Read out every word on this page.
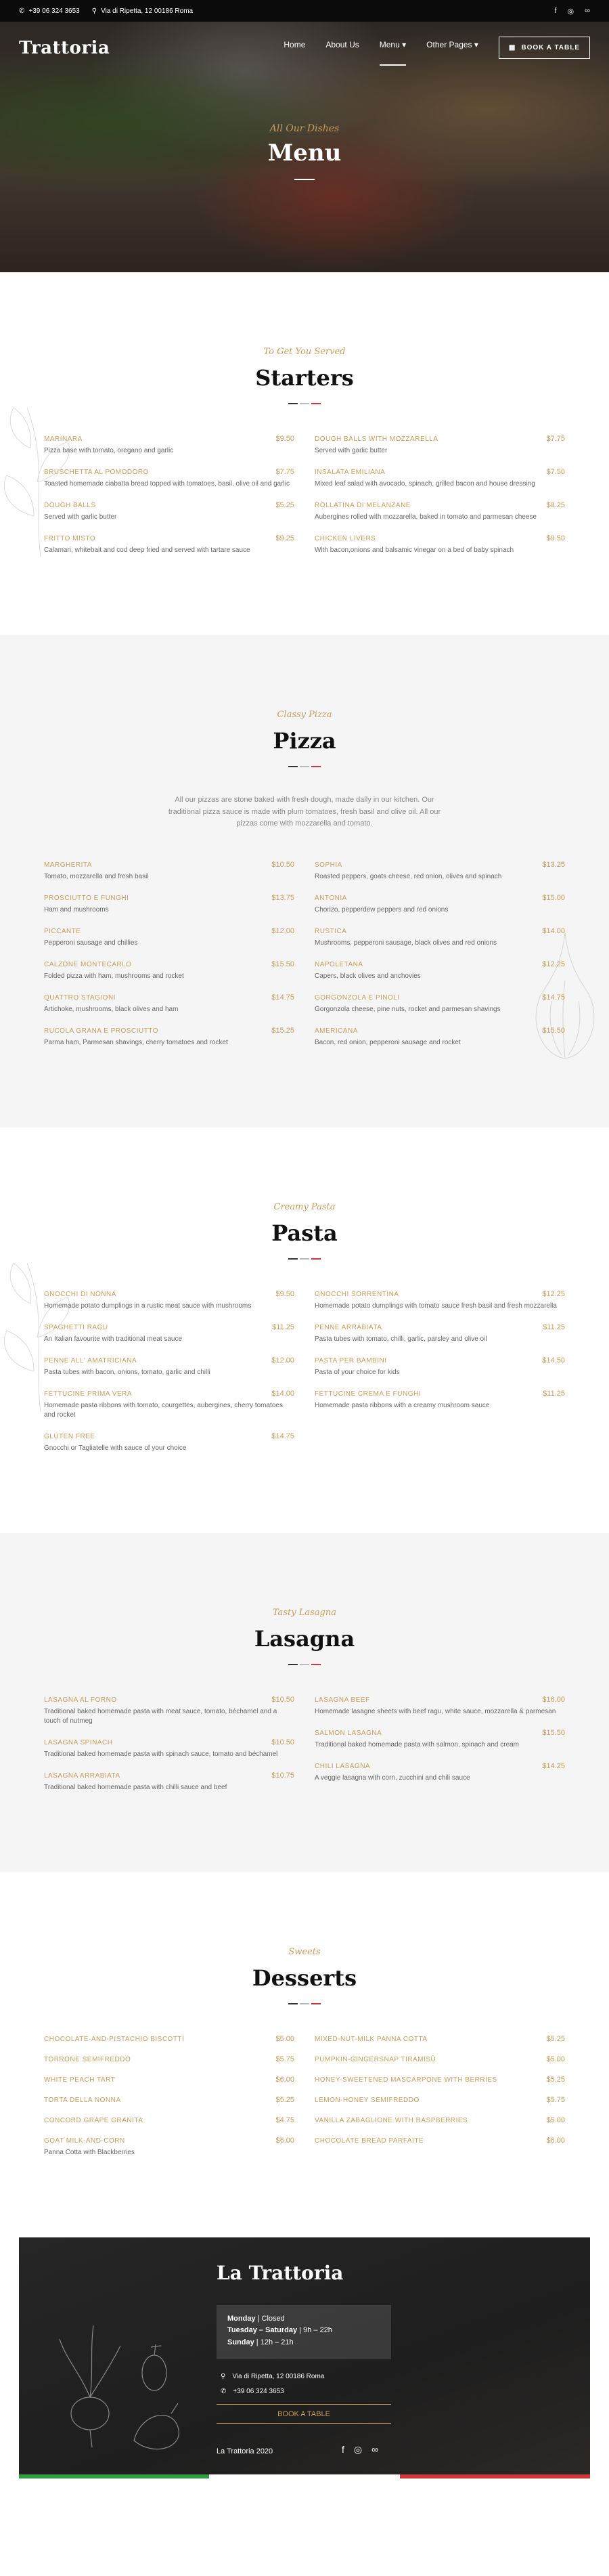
✆ +39 06 324 3653 ⚲ Via di Ripetta, 12 00186 Roma	f ◎ ∞
Trattoria	Home	About Us	Menu ▾	Other Pages ▾	▦ BOOK A TABLE
All Our Dishes
Menu
To Get You Served
Starters
MARINARA	$9.50
Pizza base with tomato, oregano and garlic
BRUSCHETTA AL POMODORO	$7.75
Toasted homemade ciabatta bread topped with tomatoes, basil, olive oil and garlic
DOUGH BALLS	$5.25
Served with garlic butter
FRITTO MISTO	$9.25
Calamari, whitebait and cod deep fried and served with tartare sauce
DOUGH BALLS WITH MOZZARELLA	$7.75
Served with garlic butter
INSALATA EMILIANA	$7.50
Mixed leaf salad with avocado, spinach, grilled bacon and house dressing
ROLLATINA DI MELANZANE	$8.25
Aubergines rolled with mozzarella, baked in tomato and parmesan cheese
CHICKEN LIVERS	$9.50
With bacon,onions and balsamic vinegar on a bed of baby spinach
Classy Pizza
Pizza
All our pizzas are stone baked with fresh dough, made daily in our kitchen. Our traditional pizza sauce is made with plum tomatoes, fresh basil and olive oil. All our pizzas come with mozzarella and tomato.
MARGHERITA	$10.50
Tomato, mozzarella and fresh basil
PROSCIUTTO E FUNGHI	$13.75
Ham and mushrooms
PICCANTE	$12.00
Pepperoni sausage and chillies
CALZONE MONTECARLO	$15.50
Folded pizza with ham, mushrooms and rocket
QUATTRO STAGIONI	$14.75
Artichoke, mushrooms, black olives and ham
RUCOLA GRANA E PROSCIUTTO	$15.25
Parma ham, Parmesan shavings, cherry tomatoes and rocket
SOPHIA	$13.25
Roasted peppers, goats cheese, red onion, olives and spinach
ANTONIA	$15.00
Chorizo, pepperdew peppers and red onions
RUSTICA	$14.00
Mushrooms, pepperoni sausage, black olives and red onions
NAPOLETANA	$12.25
Capers, black olives and anchovies
GORGONZOLA E PINOLI	$14.75
Gorgonzola cheese, pine nuts, rocket and parmesan shavings
AMERICANA	$15.50
Bacon, red onion, pepperoni sausage and rocket
Creamy Pasta
Pasta
GNOCCHI DI NONNA	$9.50
Homemade potato dumplings in a rustic meat sauce with mushrooms
SPAGHETTI RAGU	$11.25
An Italian favourite with traditional meat sauce
PENNE ALL' AMATRICIANA	$12.00
Pasta tubes with bacon, onions, tomato, garlic and chilli
FETTUCINE PRIMA VERA	$14.00
Homemade pasta ribbons with tomato, courgettes, aubergines, cherry tomatoes and rocket
GLUTEN FREE	$14.75
Gnocchi or Tagliatelle with sauce of your choice
GNOCCHI SORRENTINA	$12.25
Homemade potato dumplings with tomato sauce fresh basil and fresh mozzarella
PENNE ARRABIATA	$11.25
Pasta tubes with tomato, chilli, garlic, parsley and olive oil
PASTA PER BAMBINI	$14.50
Pasta of your choice for kids
FETTUCINE CREMA E FUNGHI	$11.25
Homemade pasta ribbons with a creamy mushroom sauce
Tasty Lasagna
Lasagna
LASAGNA AL FORNO	$10.50
Traditional baked homemade pasta with meat sauce, tomato, béchamel and a touch of nutmeg
LASAGNA SPINACH	$10.50
Traditional baked homemade pasta with spinach sauce, tomato and béchamel
LASAGNA ARRABIATA	$10.75
Traditional baked homemade pasta with chilli sauce and beef
LASAGNA BEEF	$16.00
Homemade lasagne sheets with beef ragu, white sauce, mozzarella & parmesan
SALMON LASAGNA	$15.50
Traditional baked homemade pasta with salmon, spinach and cream
CHILI LASAGNA	$14.25
A veggie lasagna with corn, zucchini and chili sauce
Sweets
Desserts
CHOCOLATE-AND-PISTACHIO BISCOTTI	$5.00
TORRONE SEMIFREDDO	$5.75
WHITE PEACH TART	$6.00
TORTA DELLA NONNA	$5.25
CONCORD GRAPE GRANITA	$4.75
GOAT MILK-AND-CORN	$6.00
Panna Cotta with Blackberries
MIXED-NUT-MILK PANNA COTTA	$5.25
PUMPKIN-GINGERSNAP TIRAMISÙ	$5.00
HONEY-SWEETENED MASCARPONE WITH BERRIES	$5.25
LEMON-HONEY SEMIFREDDO	$5.75
VANILLA ZABAGLIONE WITH RASPBERRIES	$5.00
CHOCOLATE BREAD PARFAITE	$6.00
La Trattoria
Monday | Closed
Tuesday – Saturday | 9h – 22h
Sunday | 12h – 21h
⚲ Via di Ripetta, 12 00186 Roma
✆ +39 06 324 3653
BOOK A TABLE
La Trattoria 2020	f ◎ ∞
